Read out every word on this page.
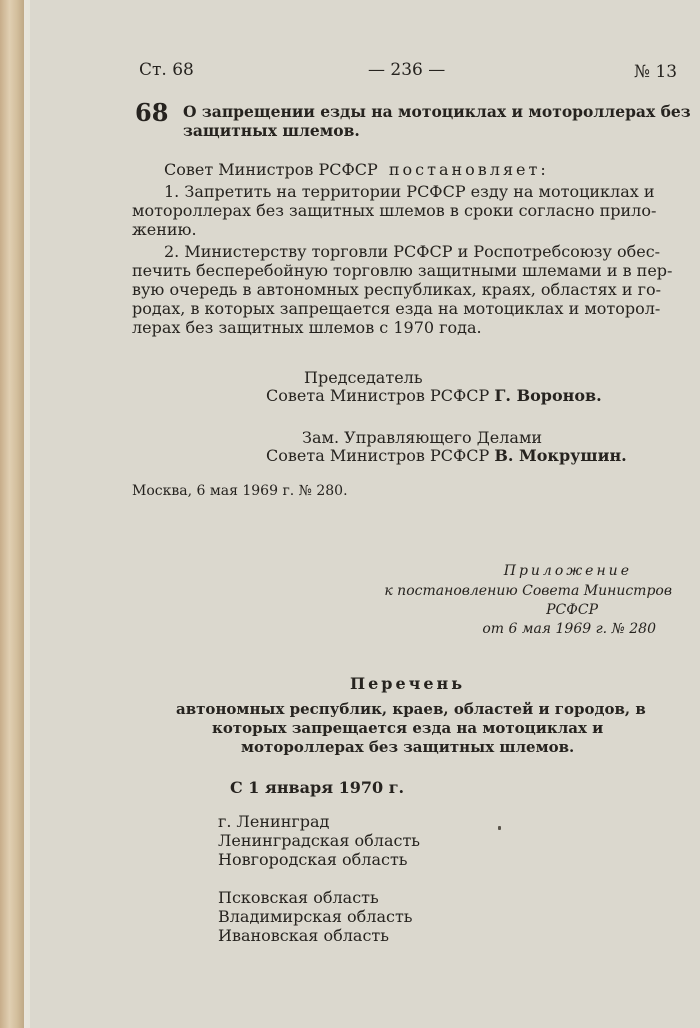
Ст. 68	— 236 —	№ 13
68 О запрещении езды на мотоциклах и мотороллерах без
защитных шлемов.
Совет Министров РСФСР постановляет:
1. Запретить на территории РСФСР езду на мотоциклах и
мотороллерах без защитных шлемов в сроки согласно прило-
жению.
2. Министерству торговли РСФСР и Роспотребсоюзу обес-
печить бесперебойную торговлю защитными шлемами и в пер-
вую очередь в автономных республиках, краях, областях и го-
родах, в которых запрещается езда на мотоциклах и моторол-
лерах без защитных шлемов с 1970 года.
Председатель
Совета Министров РСФСР Г. Воронов.
Зам. Управляющего Делами
Совета Министров РСФСР В. Мокрушин.
Москва, 6 мая 1969 г. № 280.
Приложение
к постановлению Совета Министров
РСФСР
от 6 мая 1969 г. № 280
Перечень
автономных республик, краев, областей и городов, в
которых запрещается езда на мотоциклах и
мотороллерах без защитных шлемов.
С 1 января 1970 г.
г. Ленинград
Ленинградская область
Новгородская область
Псковская область
Владимирская область
Ивановская область
